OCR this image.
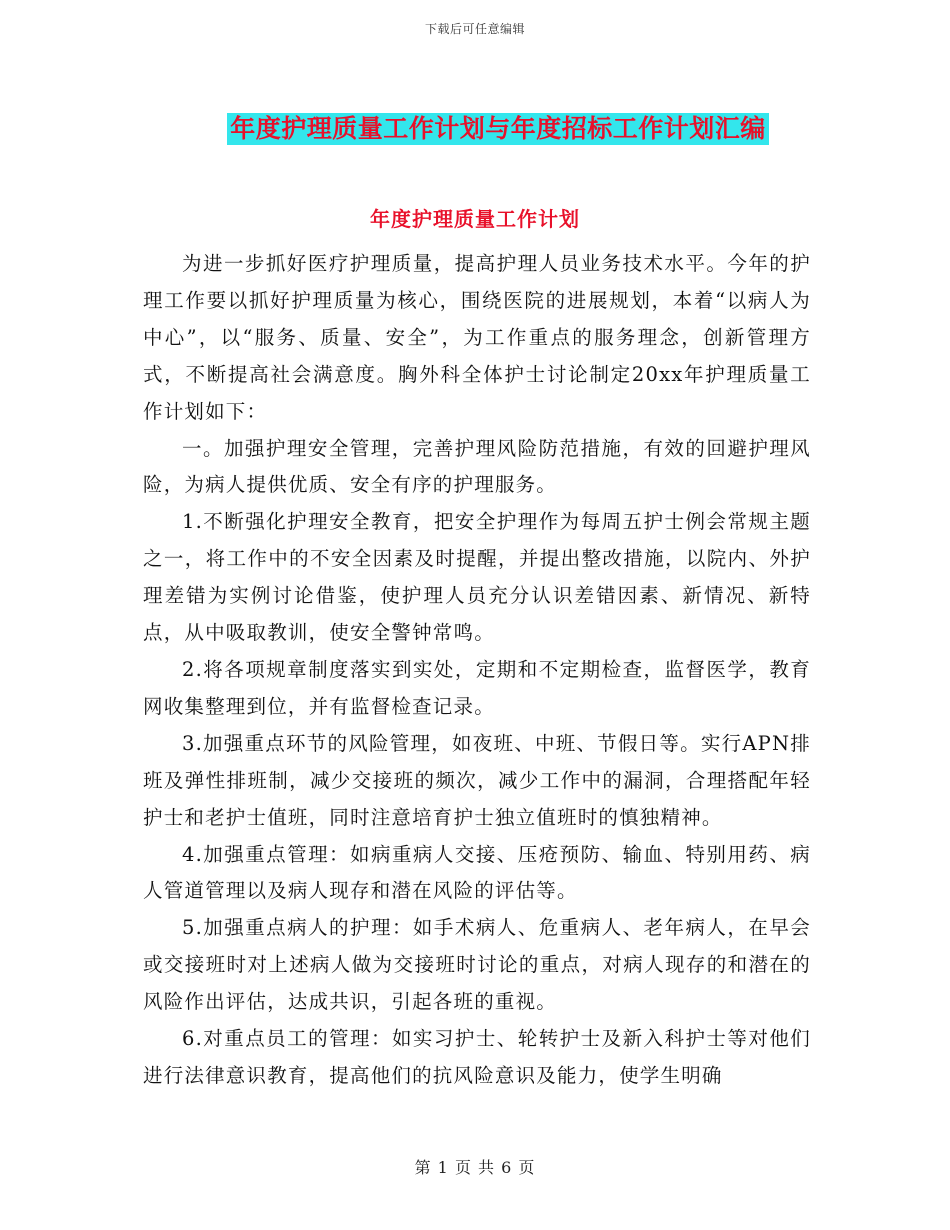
下载后可任意编辑
年度护理质量工作计划与年度招标工作计划汇编
年度护理质量工作计划

为进一步抓好医疗护理质量，提高护理人员业务技术水平。今年的护理工作要以抓好护理质量为核心，围绕医院的进展规划，本着“以病人为中心”，以“服务、质量、安全”，为工作重点的服务理念，创新管理方式，不断提高社会满意度。胸外科全体护士讨论制定20xx年护理质量工作计划如下：

一。加强护理安全管理，完善护理风险防范措施，有效的回避护理风险，为病人提供优质、安全有序的护理服务。

1.不断强化护理安全教育，把安全护理作为每周五护士例会常规主题之一，将工作中的不安全因素及时提醒，并提出整改措施，以院内、外护理差错为实例讨论借鉴，使护理人员充分认识差错因素、新情况、新特点，从中吸取教训，使安全警钟常鸣。

2.将各项规章制度落实到实处，定期和不定期检查，监督医学，教育网收集整理到位，并有监督检查记录。

3.加强重点环节的风险管理，如夜班、中班、节假日等。实行APN排班及弹性排班制，减少交接班的频次，减少工作中的漏洞，合理搭配年轻护士和老护士值班，同时注意培育护士独立值班时的慎独精神。

4.加强重点管理：如病重病人交接、压疮预防、输血、特别用药、病人管道管理以及病人现存和潜在风险的评估等。

5.加强重点病人的护理：如手术病人、危重病人、老年病人，在早会或交接班时对上述病人做为交接班时讨论的重点，对病人现存的和潜在的风险作出评估，达成共识，引起各班的重视。

6.对重点员工的管理：如实习护士、轮转护士及新入科护士等对他们进行法律意识教育，提高他们的抗风险意识及能力，使学生明确

第 1 页 共 6 页
